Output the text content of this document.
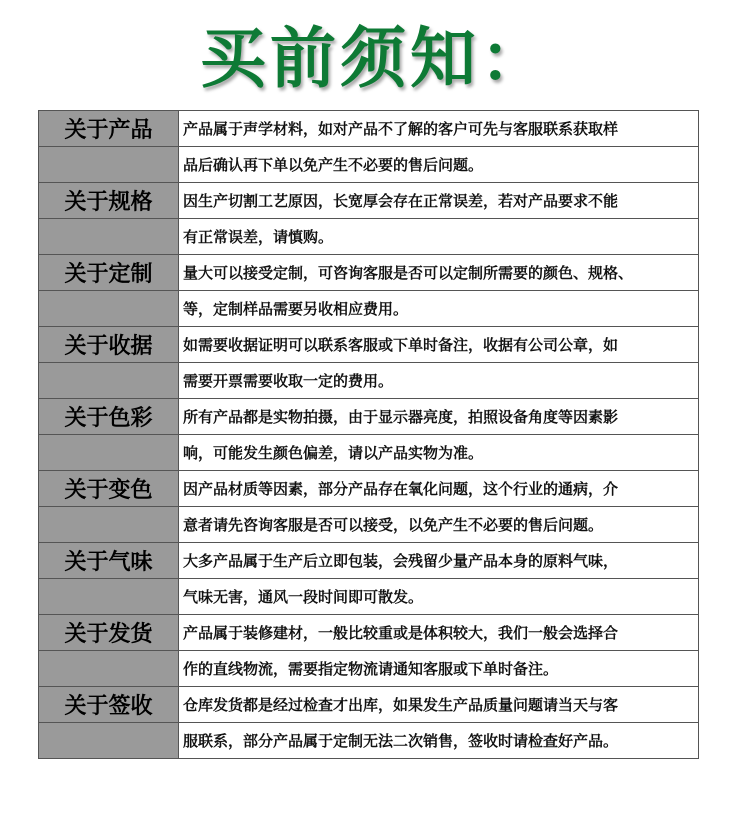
买前须知：
关于产品	产品属于声学材料，如对产品不了解的客户可先与客服联系获取样
	品后确认再下单以免产生不必要的售后问题。
关于规格	因生产切割工艺原因，长宽厚会存在正常误差，若对产品要求不能
	有正常误差，请慎购。
关于定制	量大可以接受定制，可咨询客服是否可以定制所需要的颜色、规格、
	等，定制样品需要另收相应费用。
关于收据	如需要收据证明可以联系客服或下单时备注，收据有公司公章，如
	需要开票需要收取一定的费用。
关于色彩	所有产品都是实物拍摄，由于显示器亮度，拍照设备角度等因素影
	响，可能发生颜色偏差，请以产品实物为准。
关于变色	因产品材质等因素，部分产品存在氧化问题，这个行业的通病，介
	意者请先咨询客服是否可以接受，以免产生不必要的售后问题。
关于气味	大多产品属于生产后立即包装，会残留少量产品本身的原料气味，
	气味无害，通风一段时间即可散发。
关于发货	产品属于装修建材，一般比较重或是体积较大，我们一般会选择合
	作的直线物流，需要指定物流请通知客服或下单时备注。
关于签收	仓库发货都是经过检查才出库，如果发生产品质量问题请当天与客
	服联系，部分产品属于定制无法二次销售，签收时请检查好产品。
